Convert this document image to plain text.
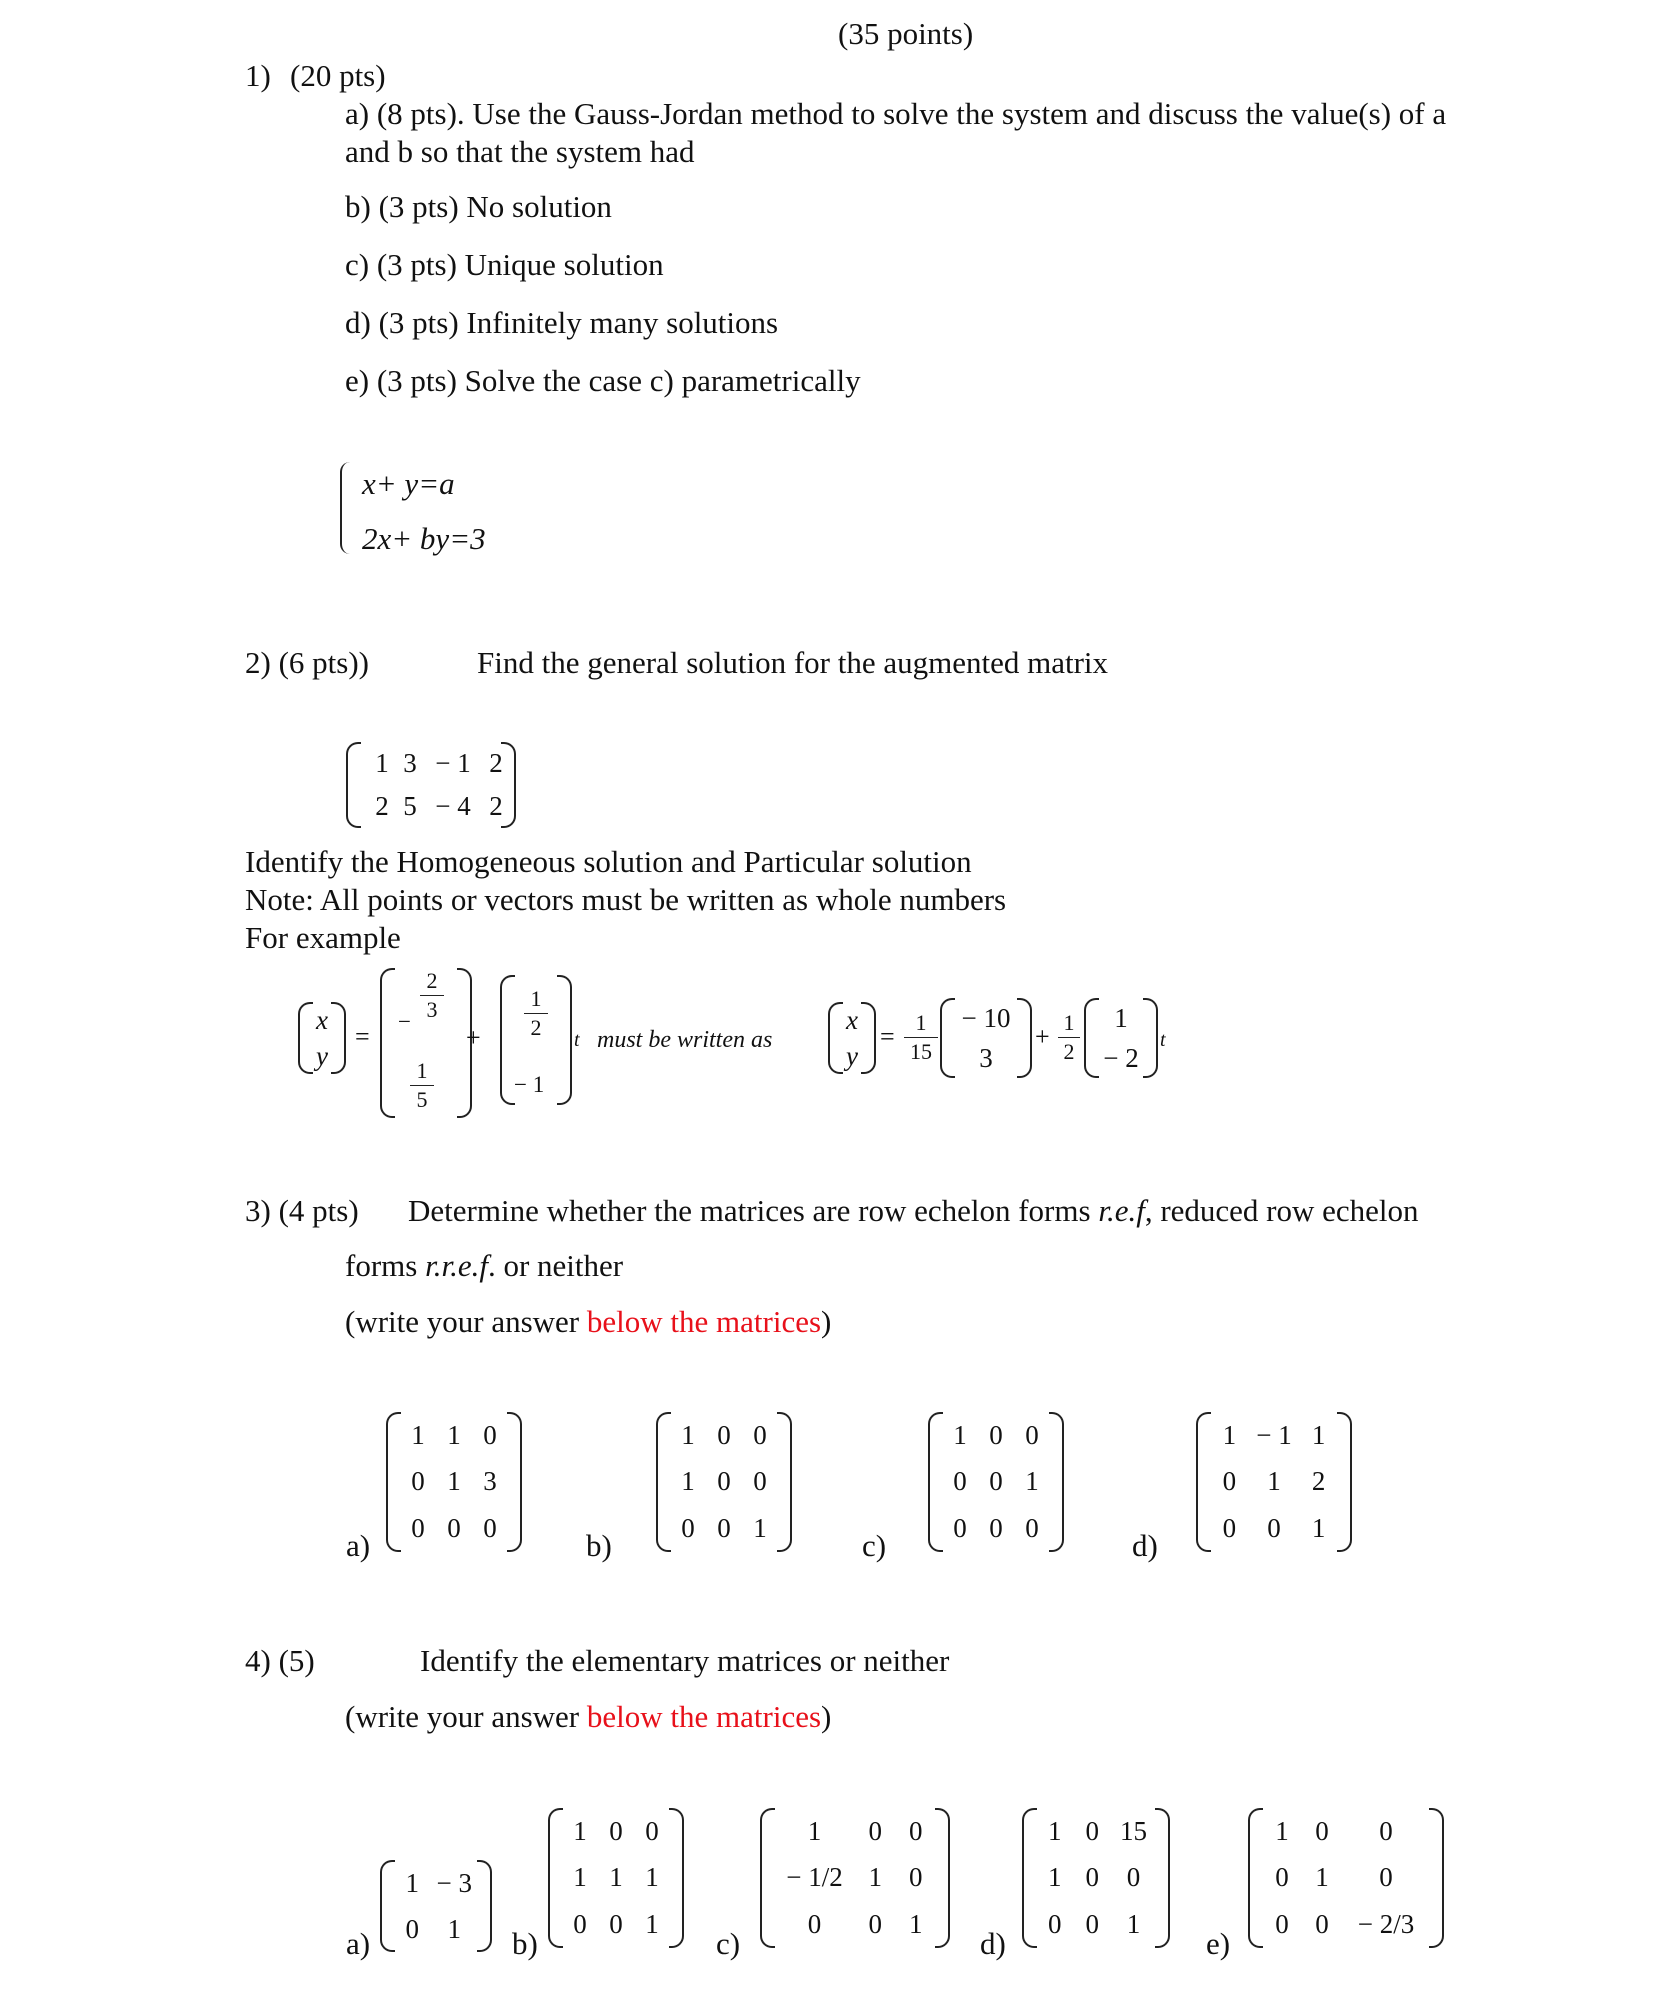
(35 points)
1) (20 pts)
a) (8 pts). Use the Gauss-Jordan method to solve the system and discuss the value(s) of a
and b so that the system had
b) (3 pts) No solution
c) (3 pts) Unique solution
d) (3 pts) Infinitely many solutions
e) (3 pts) Solve the case c) parametrically
x+ y=a
2x+ by=3
2) (6 pts))	Find the general solution for the augmented matrix
1 3 − 1 2
2 5 − 4 2
Identify the Homogeneous solution and Particular solution
Note: All points or vectors must be written as whole numbers
For example
x
y
=
−
2
3
1
5
+
1
2
− 1
t must be written as
x
y
= 1
15
− 10
3
+ 1
2
1
− 2
t
3) (4 pts) Determine whether the matrices are row echelon forms r.e.f, reduced row echelon
forms r.r.e.f. or neither
(write your answer below the matrices)
a)
1 1 0
0 1 3
0 0 0	b)
1 0 0
1 0 0
0 0 1	c)
1 0 0
0 0 1
0 0 0	d)
1 − 1 1
0	1	2
0	0	1
4) (5)	Identify the elementary matrices or neither
(write your answer below the matrices)
a)
1 − 3
0	1	b)
1 0 0
1 1 1
0 0 1
c)
1	0	0
− 1/2 1	0
0	0	1
d)
1 0 15
1 0	0
0 0	1
e)
1 0	0
0 1	0
0 0	− 2/3
